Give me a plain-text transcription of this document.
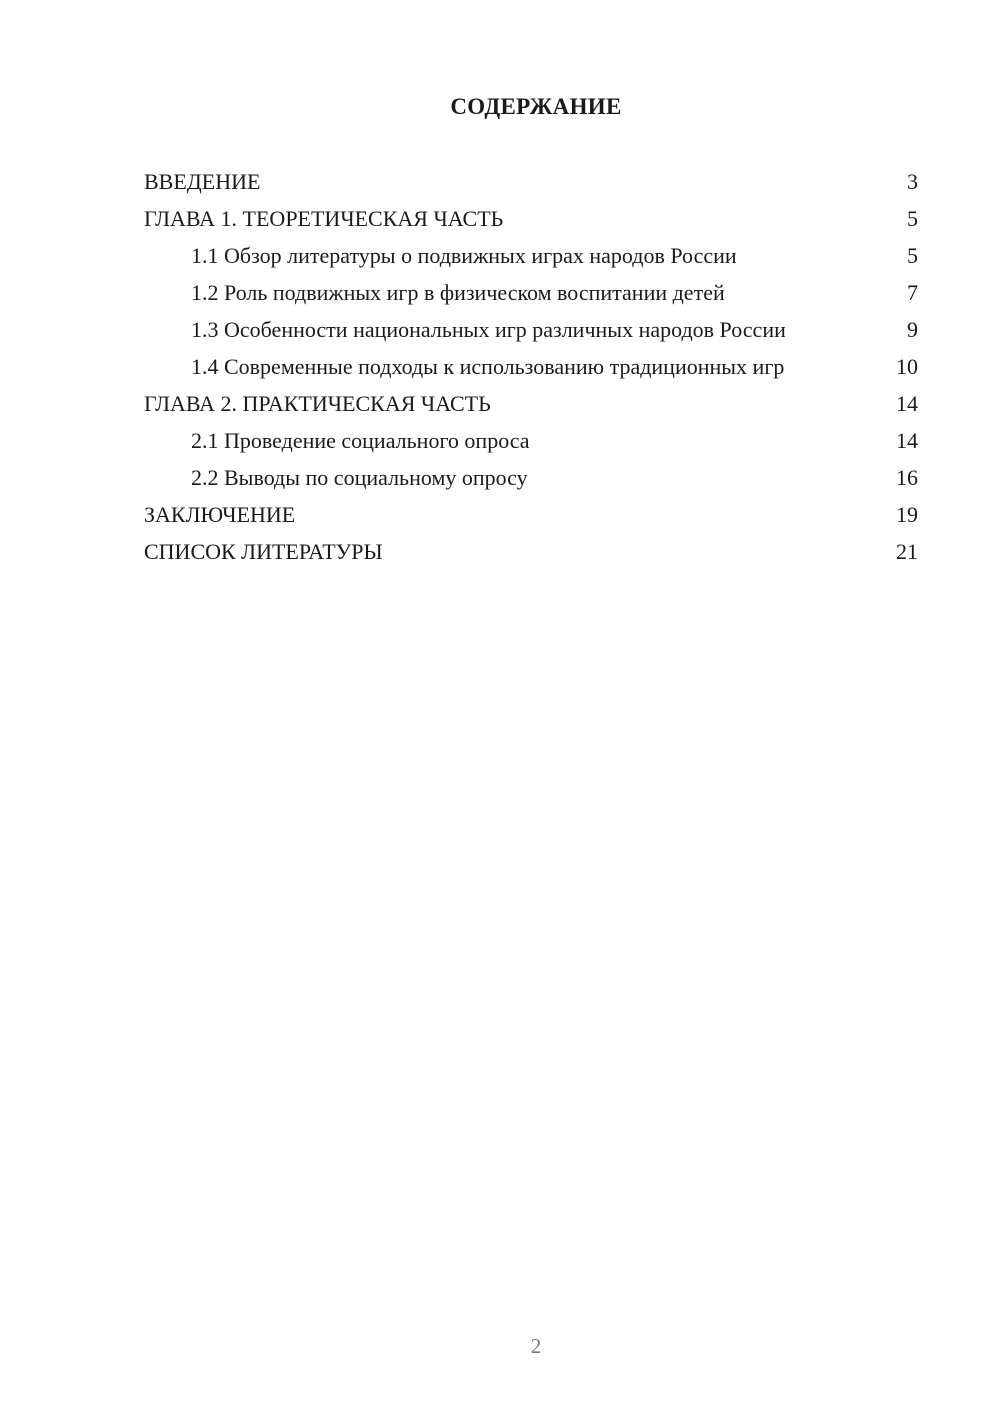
СОДЕРЖАНИЕ
ВВЕДЕНИЕ	3
ГЛАВА 1. ТЕОРЕТИЧЕСКАЯ ЧАСТЬ	5
1.1 Обзор литературы о подвижных играх народов России	5
1.2 Роль подвижных игр в физическом воспитании детей	7
1.3 Особенности национальных игр различных народов России	9
1.4 Современные подходы к использованию традиционных игр	10
ГЛАВА 2. ПРАКТИЧЕСКАЯ ЧАСТЬ	14
2.1 Проведение социального опроса	14
2.2 Выводы по социальному опросу	16
ЗАКЛЮЧЕНИЕ	19
СПИСОК ЛИТЕРАТУРЫ	21
2
